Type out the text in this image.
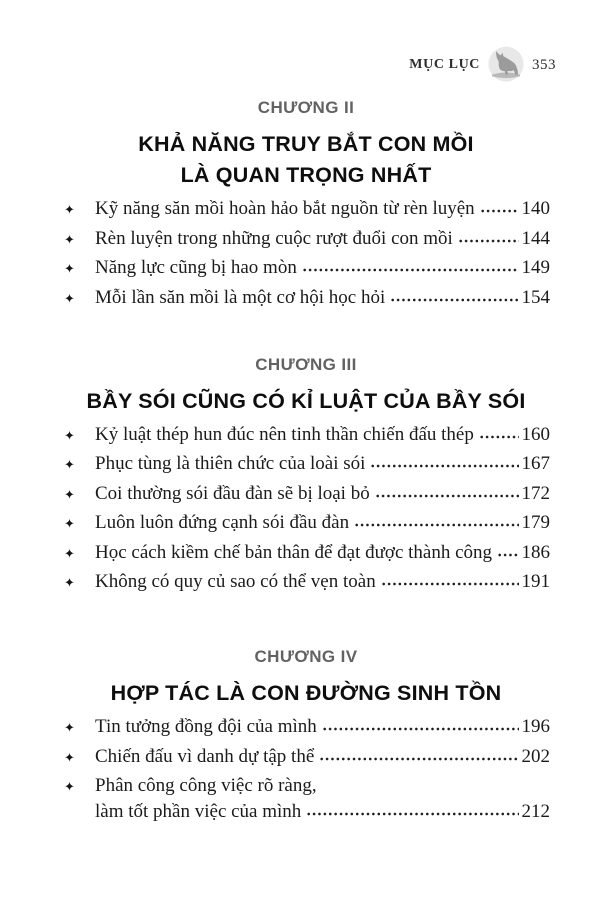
MỤC LỤC	353
CHƯƠNG II
KHẢ NĂNG TRUY BẮT CON MỒI
LÀ QUAN TRỌNG NHẤT
✦	Kỹ năng săn mồi hoàn hảo bắt nguồn từ rèn luyện 140
✦	Rèn luyện trong những cuộc rượt đuổi con mồi	144
✦	Năng lực cũng bị hao mòn	149
✦	Mỗi lần săn mồi là một cơ hội học hỏi	154
CHƯƠNG III
BẦY SÓI CŨNG CÓ KỈ LUẬT CỦA BẦY SÓI
✦	Kỷ luật thép hun đúc nên tinh thần chiến đấu thép	160
✦	Phục tùng là thiên chức của loài sói	167
✦	Coi thường sói đầu đàn sẽ bị loại bỏ	172
✦	Luôn luôn đứng cạnh sói đầu đàn	179
✦	Học cách kiềm chế bản thân để đạt được thành công 186
✦	Không có quy củ sao có thể vẹn toàn	191
CHƯƠNG IV
HỢP TÁC LÀ CON ĐƯỜNG SINH TỒN
✦	Tin tưởng đồng đội của mình	196
✦	Chiến đấu vì danh dự tập thể	202
✦	Phân công công việc rõ ràng,
làm tốt phần việc của mình	212
